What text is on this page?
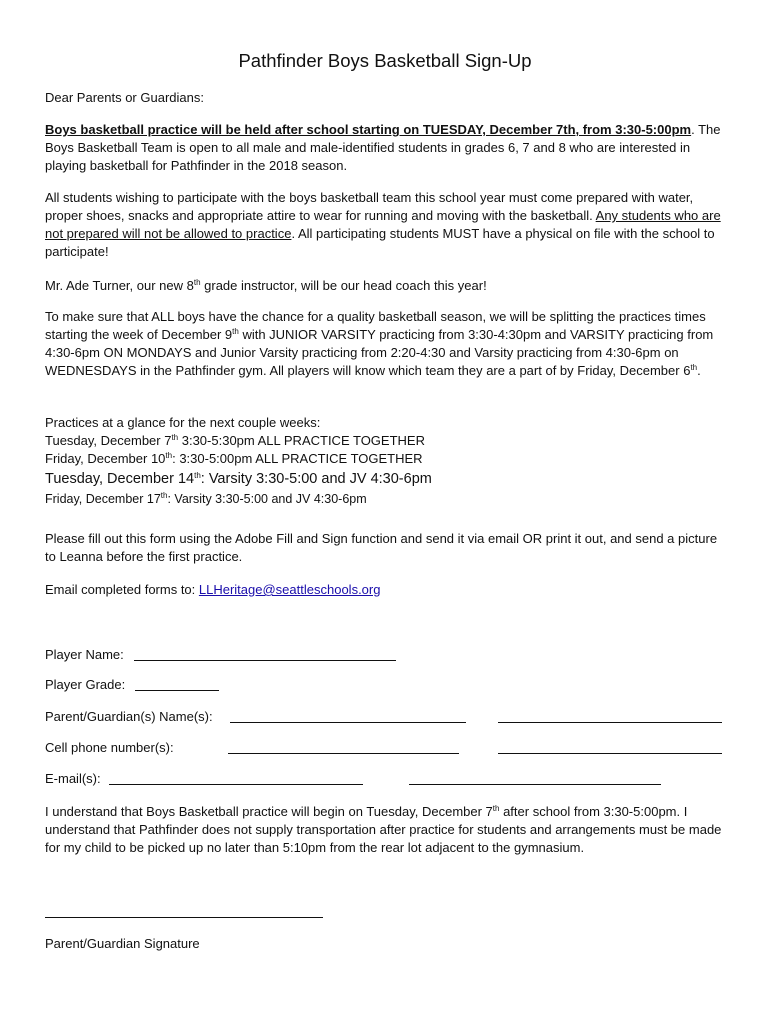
Pathfinder Boys Basketball Sign-Up
Dear Parents or Guardians:

Boys basketball practice will be held after school starting on TUESDAY, December 7th, from 3:30-5:00pm. The Boys Basketball Team is open to all male and male-identified students in grades 6, 7 and 8 who are interested in playing basketball for Pathfinder in the 2018 season.

All students wishing to participate with the boys basketball team this school year must come prepared with water, proper shoes, snacks and appropriate attire to wear for running and moving with the basketball. Any students who are not prepared will not be allowed to practice. All participating students MUST have a physical on file with the school to participate!

Mr. Ade Turner, our new 8th grade instructor, will be our head coach this year!

To make sure that ALL boys have the chance for a quality basketball season, we will be splitting the practices times starting the week of December 9th with JUNIOR VARSITY practicing from 3:30-4:30pm and VARSITY practicing from 4:30-6pm ON MONDAYS and Junior Varsity practicing from 2:20-4:30 and Varsity practicing from 4:30-6pm on WEDNESDAYS in the Pathfinder gym. All players will know which team they are a part of by Friday, December 6th.

Practices at a glance for the next couple weeks:
Tuesday, December 7th 3:30-5:30pm ALL PRACTICE TOGETHER
Friday, December 10th: 3:30-5:00pm ALL PRACTICE TOGETHER
Tuesday, December 14th: Varsity 3:30-5:00 and JV 4:30-6pm
Friday, December 17th: Varsity 3:30-5:00 and JV 4:30-6pm
Please fill out this form using the Adobe Fill and Sign function and send it via email OR print it out, and send a picture to Leanna before the first practice.
Email completed forms to: LLHeritage@seattleschools.org
Player Name:
Player Grade:
Parent/Guardian(s) Name(s):
Cell phone number(s):
E-mail(s):

I understand that Boys Basketball practice will begin on Tuesday, December 7th after school from 3:30-5:00pm. I understand that Pathfinder does not supply transportation after practice for students and arrangements must be made for my child to be picked up no later than 5:10pm from the rear lot adjacent to the gymnasium.

Parent/Guardian Signature
